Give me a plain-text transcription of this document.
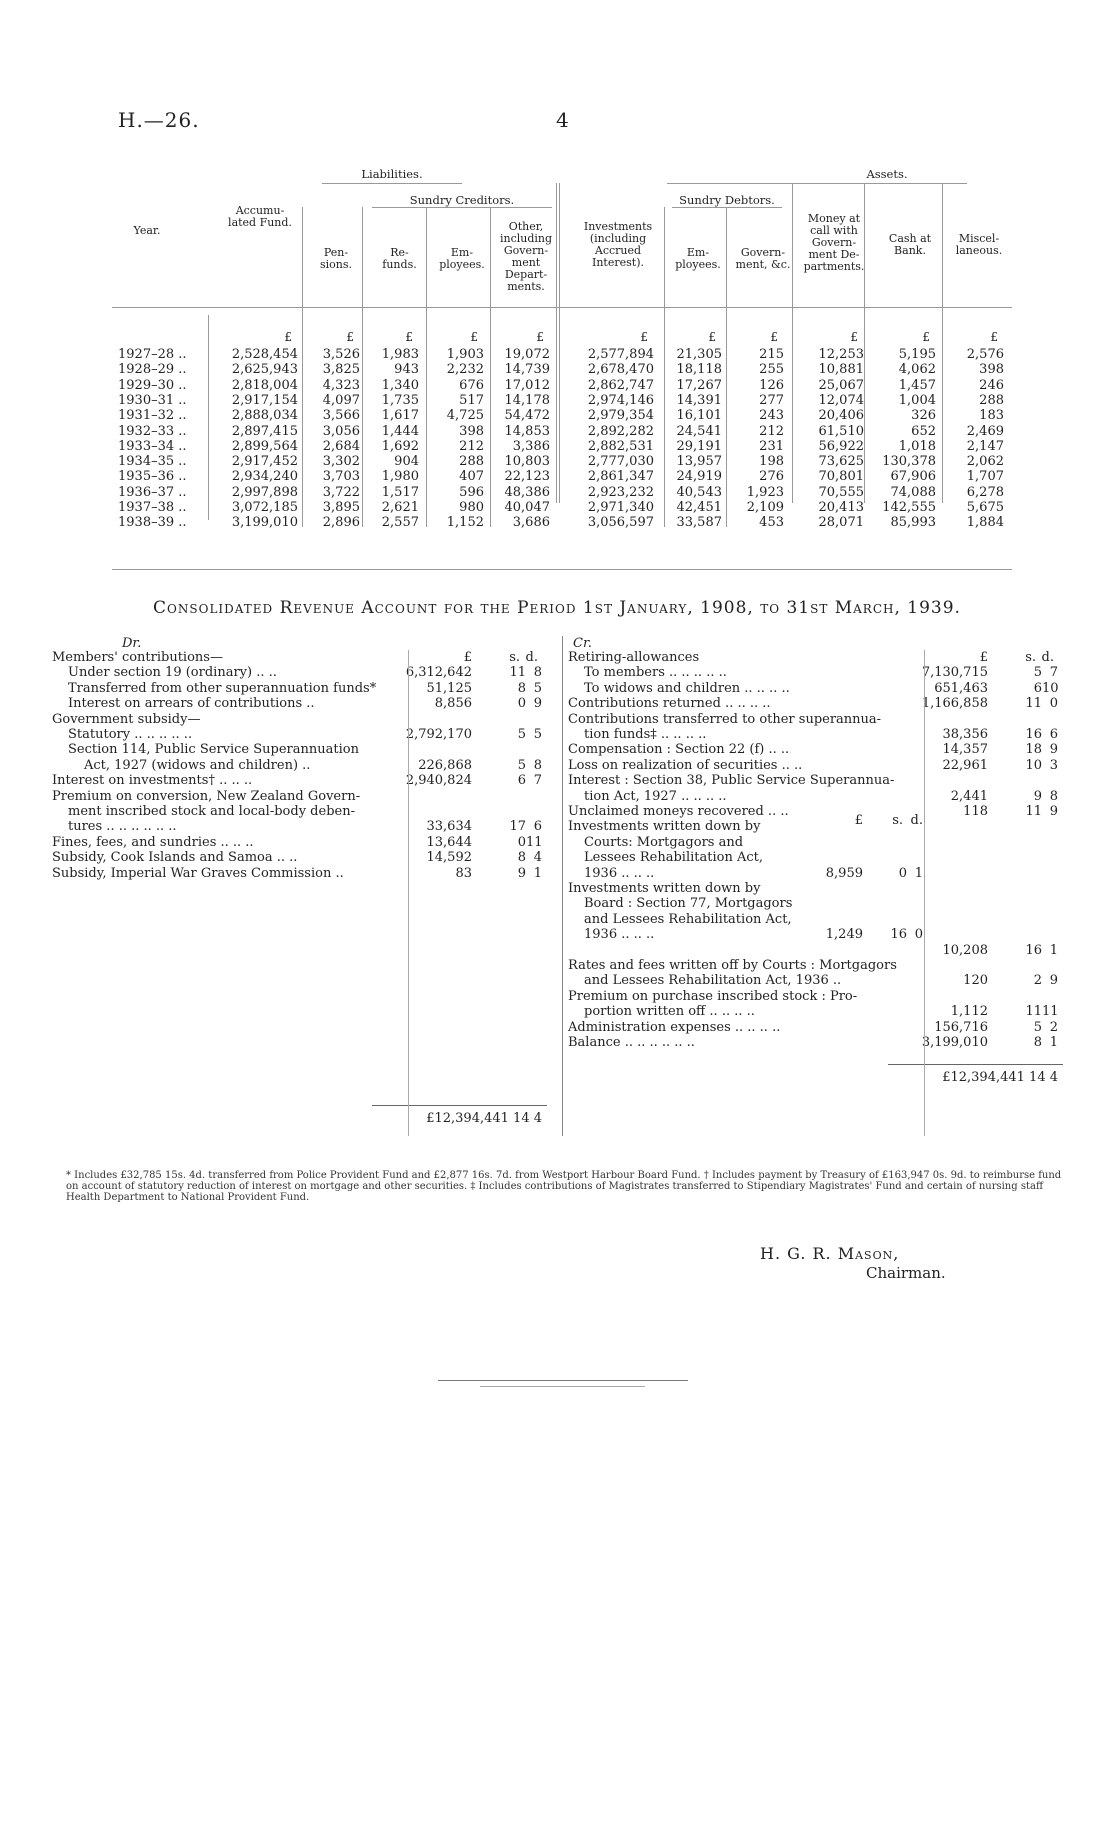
H.—26.	4
Liabilities.	Assets.
Sundry Creditors.	Sundry Debtors.
Year.
Accumu-
lated Fund.
Pen-
sions.
Re-
funds.
Em-
ployees.
Other,
including
Govern-
ment
Depart-
ments.
Investments
(including
Accrued
Interest).
Em-
ployees.
Govern-
ment, &c.
Money at
call with
Govern-
ment De-
partments.
Cash at
Bank.
Miscel-
laneous.
£	£	£	£	£	£	£	£	£	£	£
1927–28 ..	2,528,454	3,526	1,983	1,903	19,072	2,577,894	21,305	215	12,253	5,195	2,576
1928–29 ..	2,625,943	3,825	943	2,232	14,739	2,678,470	18,118	255	10,881	4,062	398
1929–30 ..	2,818,004	4,323	1,340	676	17,012	2,862,747	17,267	126	25,067	1,457	246
1930–31 ..	2,917,154	4,097	1,735	517	14,178	2,974,146	14,391	277	12,074	1,004	288
1931–32 ..	2,888,034	3,566	1,617	4,725	54,472	2,979,354	16,101	243	20,406	326	183
1932–33 ..	2,897,415	3,056	1,444	398	14,853	2,892,282	24,541	212	61,510	652	2,469
1933–34 ..	2,899,564	2,684	1,692	212	3,386	2,882,531	29,191	231	56,922	1,018	2,147
1934–35 ..	2,917,452	3,302	904	288	10,803	2,777,030	13,957	198	73,625	130,378	2,062
1935–36 ..	2,934,240	3,703	1,980	407	22,123	2,861,347	24,919	276	70,801	67,906	1,707
1936–37 ..	2,997,898	3,722	1,517	596	48,386	2,923,232	40,543	1,923	70,555	74,088	6,278
1937–38 ..	3,072,185	3,895	2,621	980	40,047	2,971,340	42,451	2,109	20,413	142,555	5,675
1938–39 ..	3,199,010	2,896	2,557	1,152	3,686	3,056,597	33,587	453	28,071	85,993	1,884
Consolidated Revenue Account for the Period 1st January, 1908, to 31st March, 1939.
Dr.
£	s. d.
Members' contributions—
Under section 19 (ordinary) .. ..	6,312,642	11 8
Transferred from other superannuation funds*	51,125	8 5
Interest on arrears of contributions ..	8,856	0 9
Government subsidy—
Statutory .. .. .. .. ..	2,792,170	5 5
Section 114, Public Service Superannuation
Act, 1927 (widows and children) ..	226,868	5 8
Interest on investments† .. .. ..	2,940,824	6 7
Premium on conversion, New Zealand Govern-
ment inscribed stock and local-body deben-
tures .. .. .. .. .. ..	33,634	17 6
Fines, fees, and sundries .. .. ..	13,644	0 11
Subsidy, Cook Islands and Samoa .. ..	14,592	8 4
Subsidy, Imperial War Graves Commission ..	83	9 1
£12,394,441 14 4
Cr.
£	s. d.
£	s. d.
Retiring-allowances
To members .. .. .. .. ..	7,130,715	5 7
To widows and children .. .. .. ..	651,463	6 10
Contributions returned .. .. .. ..	1,166,858	11 0
Contributions transferred to other superannua-
tion funds‡ .. .. .. ..	38,356	16 6
Compensation : Section 22 (f) .. ..	14,357	18 9
Loss on realization of securities .. ..	22,961	10 3
Interest : Section 38, Public Service Superannua-
tion Act, 1927 .. .. .. ..	2,441	9 8
Unclaimed moneys recovered .. ..	118	11 9
Investments written down by
Courts: Mortgagors and
Lessees Rehabilitation Act,
1936 .. .. ..	8,959	0 1
Investments written down by
Board : Section 77, Mortgagors
and Lessees Rehabilitation Act,
1936 .. .. ..	1,249 16 0
10,208	16 1
Rates and fees written off by Courts : Mortgagors
and Lessees Rehabilitation Act, 1936 ..	120	2 9
Premium on purchase inscribed stock : Pro-
portion written off .. .. .. ..	1,112	11 11
Administration expenses .. .. .. ..	156,716	5 2
Balance .. .. .. .. .. ..	3,199,010	8 1
£12,394,441 14 4
* Includes £32,785 15s. 4d. transferred from Police Provident Fund and £2,877 16s. 7d. from Westport Harbour Board Fund. † Includes payment by Treasury of £163,947 0s. 9d. to reimburse fund on account of statutory reduction of interest on mortgage and other securities. ‡ Includes contributions of Magistrates transferred to Stipendiary Magistrates' Fund and certain of nursing staff Health Department to National Provident Fund.
H. G. R. Mason,
Chairman.
